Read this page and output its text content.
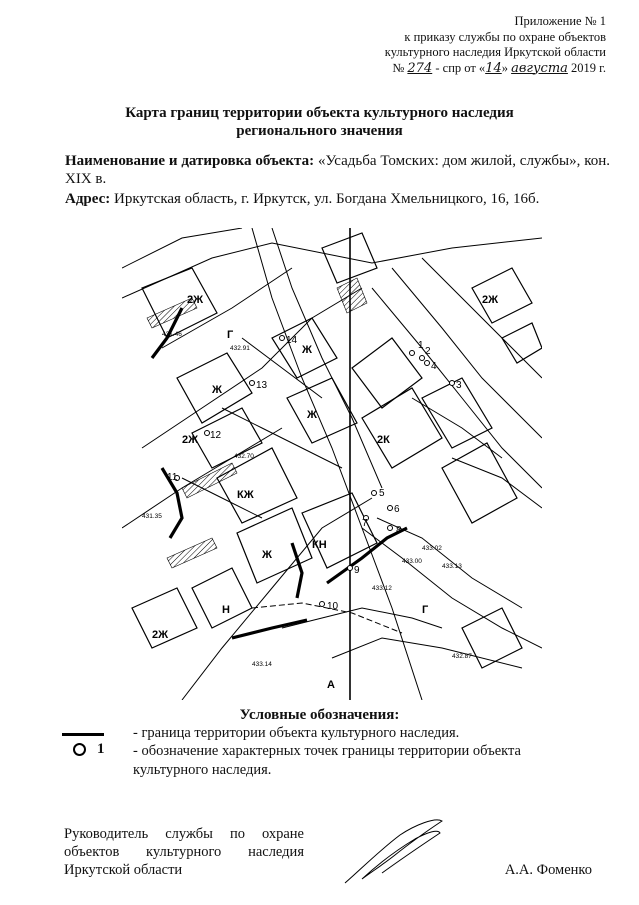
Приложение № 1
к приказу службы по охране объектов
культурного наследия Иркутской области
№ 274 - спр от «14» августа 2019 г.
Карта границ территории объекта культурного наследия
регионального значения
Наименование и датировка объекта: «Усадьба Томских: дом жилой, службы», кон. XIX в.
Адрес: Иркутская область, г. Иркутск, ул. Богдана Хмельницкого, 16, 16б.
1
2
3
4
5
6
7
8
9
10
11
12
13
14
2Ж
Ж
Г
2Ж
КЖ
КН
Ж
Ж
Ж
2К
2Ж
Г
А
2Ж
Н
431.46
432.91
432.70
433.02
433.13
433.14
433.00
432.87
433.12
431.35
Условные обозначения:
- граница территории объекта культурного наследия.
1 - обозначение характерных точек границы территории объекта культурного наследия.
Руководитель службы по охране объектов культурного наследия Иркутской области	А.А. Фоменко
